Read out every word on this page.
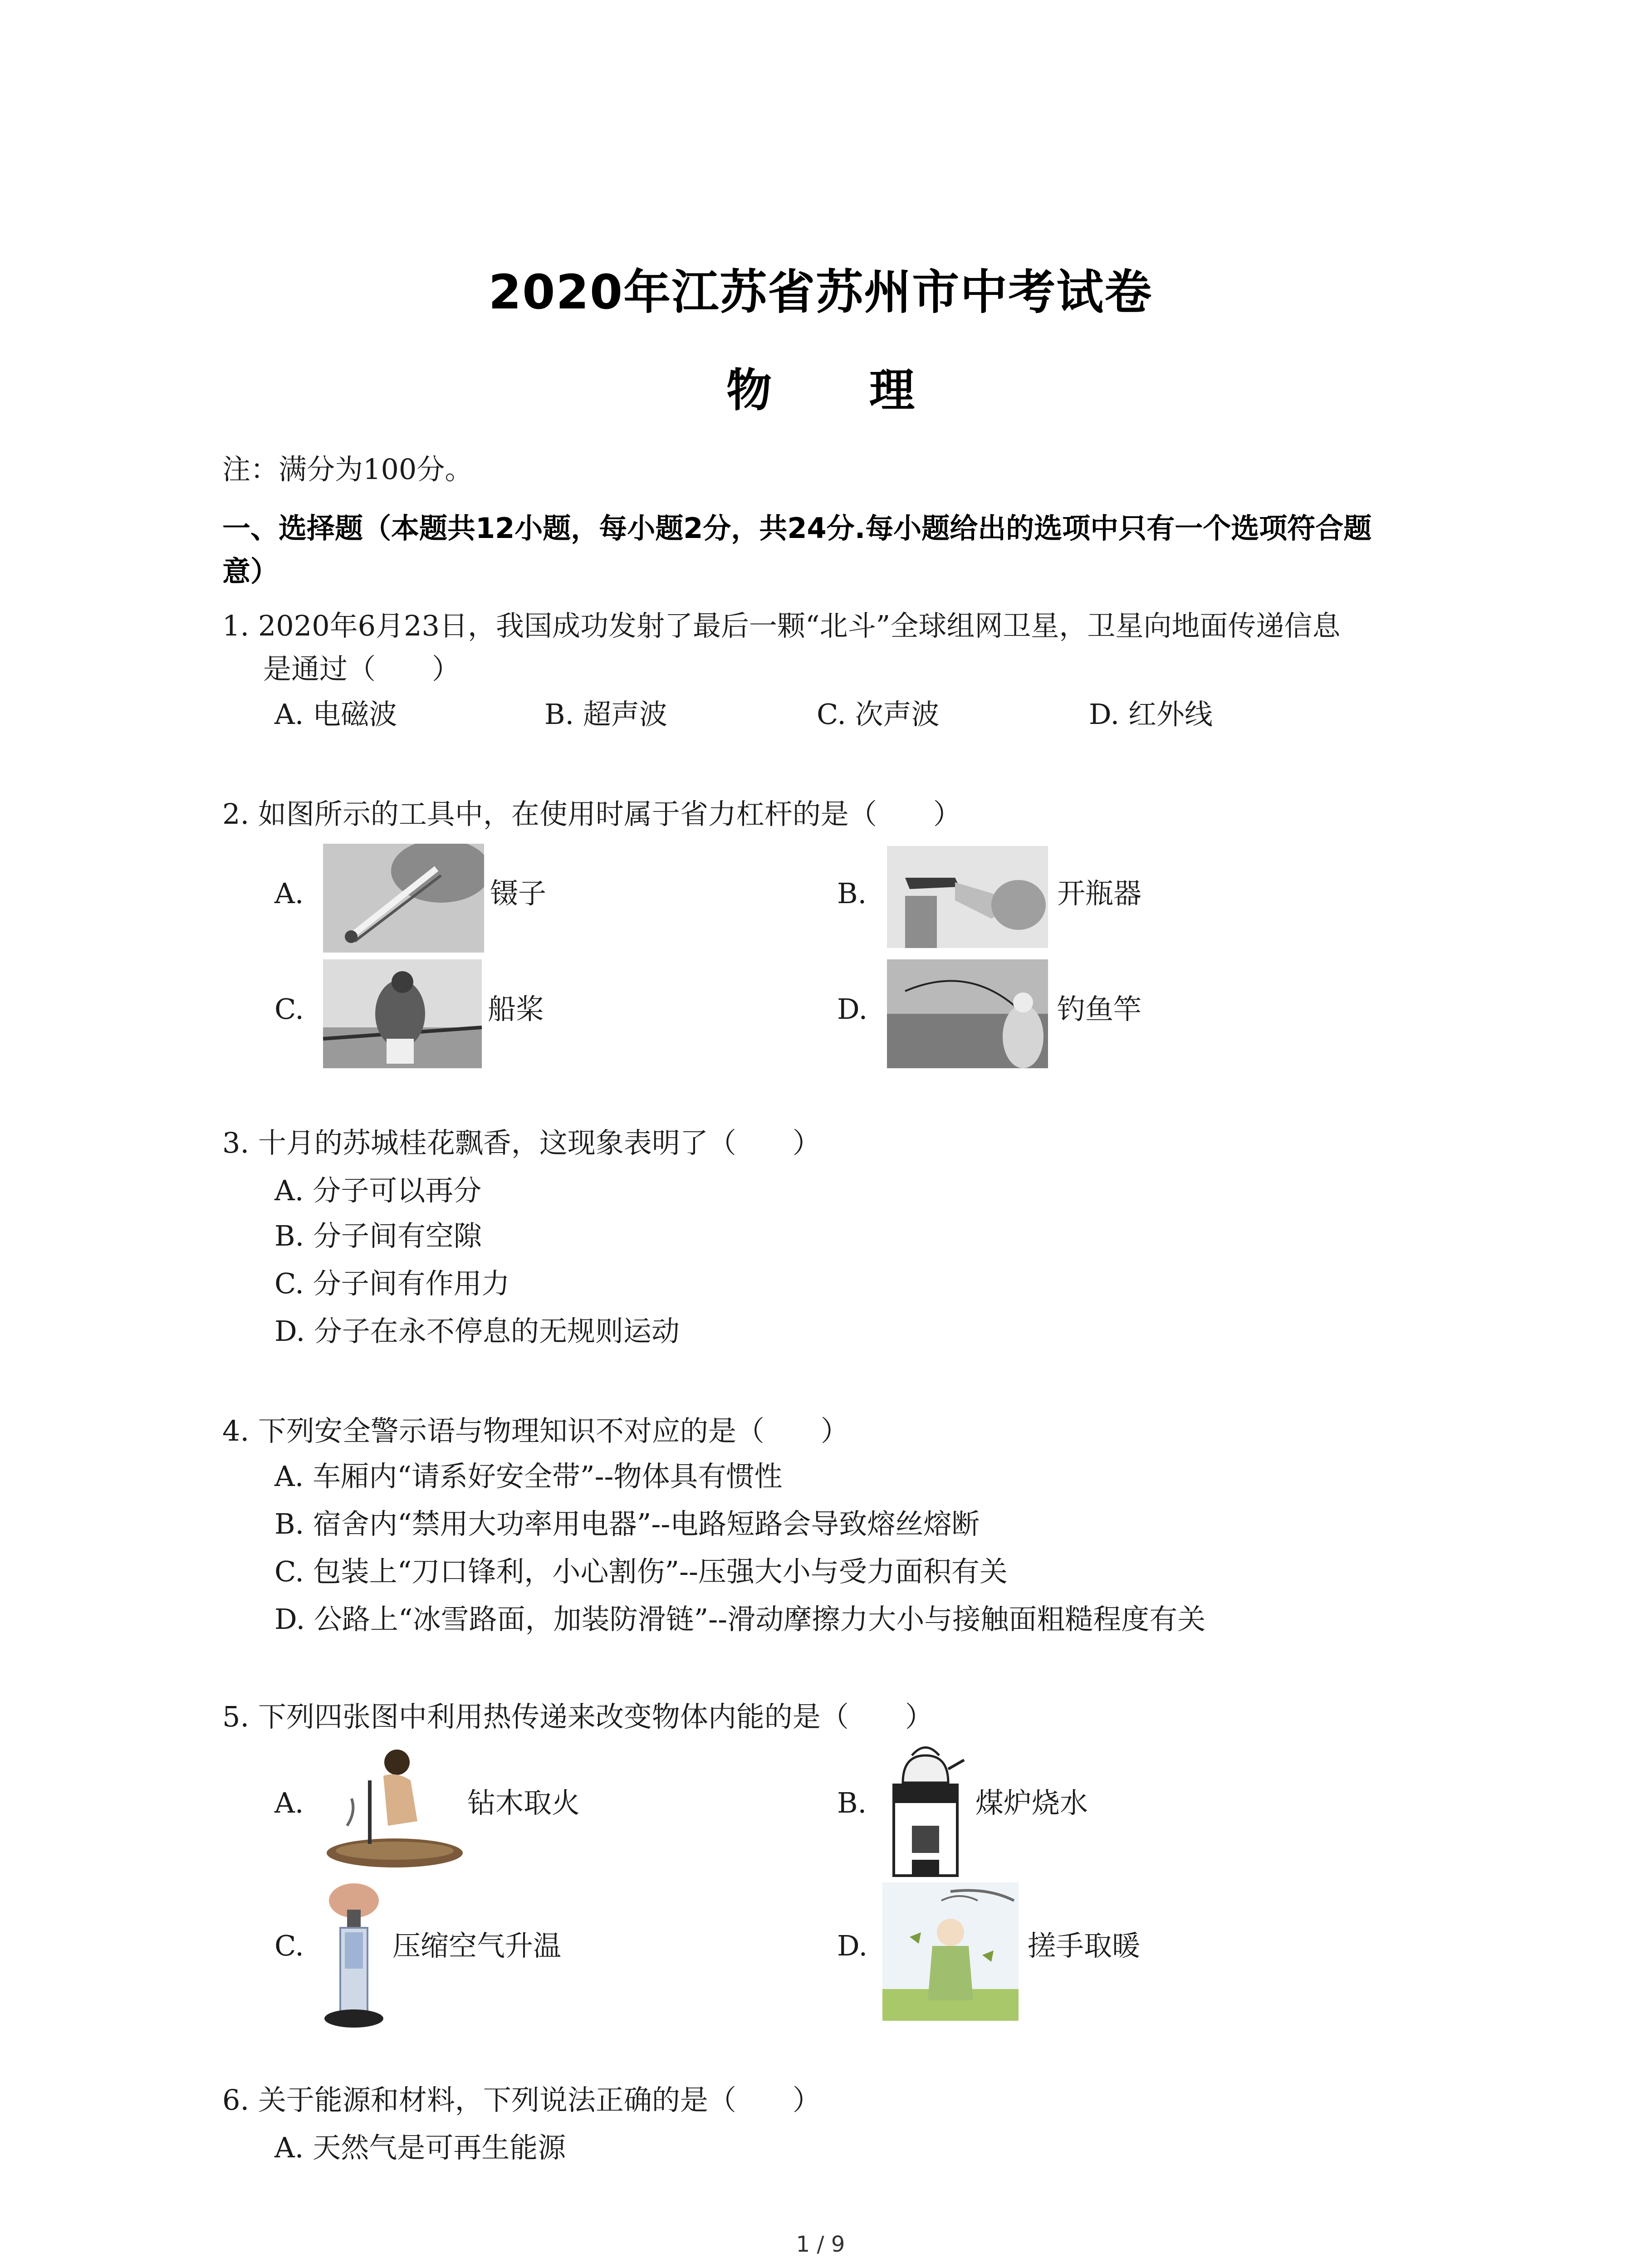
2020年江苏省苏州市中考试卷
物 理
注：满分为100分。
一、选择题（本题共12小题，每小题2分，共24分.每小题给出的选项中只有一个选项符合题
意）
1. 2020年6月23日，我国成功发射了最后一颗“北斗”全球组网卫星，卫星向地面传递信息
是通过（　　）
A. 电磁波	B. 超声波	C. 次声波	D. 红外线
2. 如图所示的工具中，在使用时属于省力杠杆的是（　　）
A.	镊子	B.	开瓶器
C.	船桨	D.	钓鱼竿
3. 十月的苏城桂花飘香，这现象表明了（　　）
A. 分子可以再分
B. 分子间有空隙
C. 分子间有作用力
D. 分子在永不停息的无规则运动
4. 下列安全警示语与物理知识不对应的是（　　）
A. 车厢内“请系好安全带”--物体具有惯性
B. 宿舍内“禁用大功率用电器”--电路短路会导致熔丝熔断
C. 包装上“刀口锋利，小心割伤”--压强大小与受力面积有关
D. 公路上“冰雪路面，加装防滑链”--滑动摩擦力大小与接触面粗糙程度有关
5. 下列四张图中利用热传递来改变物体内能的是（　　）
A.	钻木取火	B.	煤炉烧水
C.	压缩空气升温	D.	搓手取暖
6. 关于能源和材料，下列说法正确的是（　　）
A. 天然气是可再生能源
1 / 9
